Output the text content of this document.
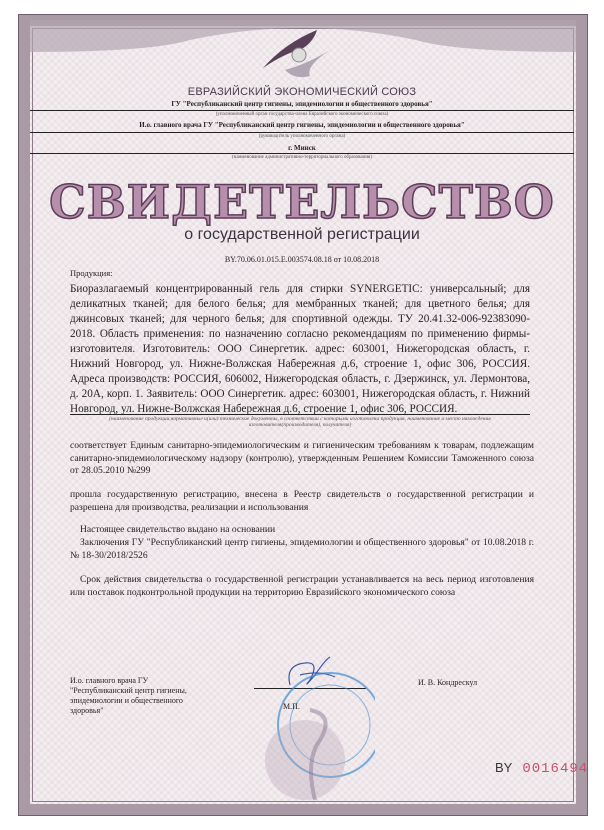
ЕВРАЗИЙСКИЙ ЭКОНОМИЧЕСКИЙ СОЮЗ
ГУ "Республиканский центр гигиены, эпидемиологии и общественного здоровья"
(уполномоченный орган государства-члена Евразийского экономического союза)
И.о. главного врача ГУ "Республиканский центр гигиены, эпидемиологии и общественного здоровья"
(руководитель уполномоченного органа)
г. Минск
(наименование административно-территориального образования)
СВИДЕТЕЛЬСТВО
о государственной регистрации
BY.70.06.01.015.E.003574.08.18 от 10.08.2018
Продукция:
Биоразлагаемый концентрированный гель для стирки SYNERGETIC: универсальный; для деликатных тканей; для белого белья; для мембранных тканей; для цветного белья; для джинсовых тканей; для черного белья; для спортивной одежды. ТУ 20.41.32-006-92383090-2018. Область применения: по назначению согласно рекомендациям по применению фирмы-изготовителя. Изготовитель: ООО Синергетик. адрес: 603001, Нижегородская область, г. Нижний Новгород, ул. Нижне-Волжская Набережная д.6, строение 1, офис 306, РОССИЯ. Адреса производств: РОССИЯ, 606002, Нижегородская область, г. Дзержинск, ул. Лермонтова, д. 20А, корп. 1. Заявитель: ООО Синергетик. адрес: 603001, Нижегородская область, г. Нижний Новгород, ул. Нижне-Волжская Набережная д.6, строение 1, офис 306, РОССИЯ.
(наименование продукции,нормативные и(или) технические документы, в соответствии с которыми изготовлена продукция, наименование и место нахождения изготовителя(производителя), получателя)
соответствует Единым санитарно-эпидемиологическим и гигиеническим требованиям к товарам, подлежащим санитарно-эпидемиологическому надзору (контролю), утвержденным Решением Комиссии Таможенного союза от 28.05.2010 №299
прошла государственную регистрацию, внесена в Реестр свидетельств о государственной регистрации и разрешена для производства, реализации и использования
Настоящее свидетельство выдано на основании
Заключения ГУ "Республиканский центр гигиены, эпидемиологии и общественного здоровья" от 10.08.2018 г. № 18-30/2018/2526
Срок действия свидетельства о государственной регистрации устанавливается на весь период изготовления или поставок подконтрольной продукции на территорию Евразийского экономического союза
И.о. главного врача ГУ "Республиканский центр гигиены, эпидемиологии и общественного здоровья"	М.П.
И. В. Кондрескул
BY 0016494
